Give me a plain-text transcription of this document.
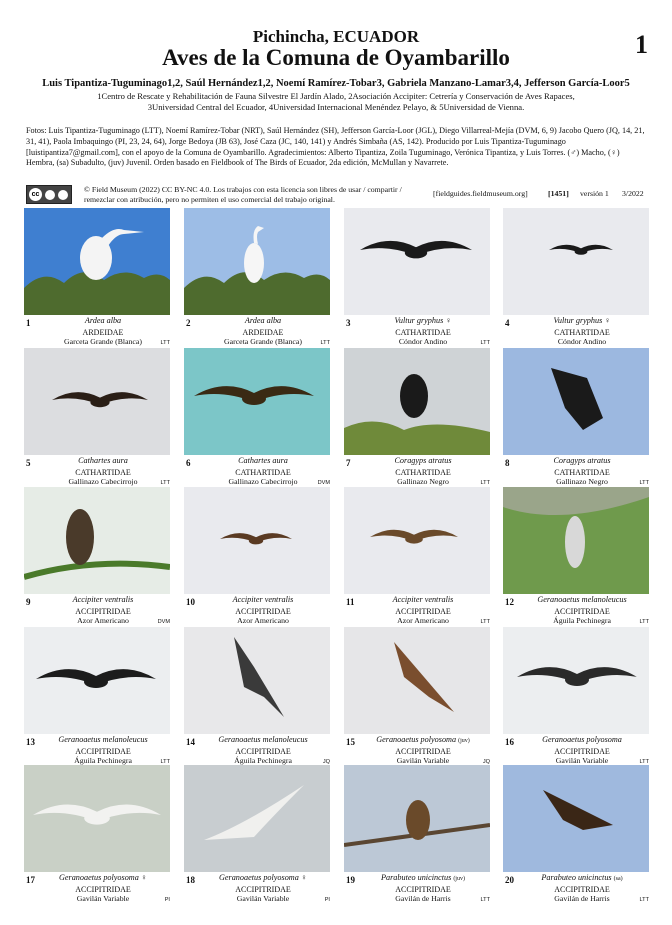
Pichincha, ECUADOR
Aves de la Comuna de Oyambarillo	1
Luis Tipantiza-Tuguminago1,2, Saúl Hernández1,2, Noemí Ramírez-Tobar3, Gabriela Manzano-Lamar3,4, Jefferson García-Loor5
1Centro de Rescate y Rehabilitación de Fauna Silvestre El Jardín Alado, 2Asociación Accipiter: Cetrería y Conservación de Aves Rapaces,
3Universidad Central del Ecuador, 4Universidad Internacional Menéndez Pelayo, & 5Universidad de Vienna.
Fotos: Luis Tipantiza-Tuguminago (LTT), Noemí Ramírez-Tobar (NRT), Saúl Hernández (SH), Jefferson García-Loor (JGL), Diego Villarreal-Mejía (DVM, 6, 9) Jacobo Quero (JQ, 14, 21, 31, 41), Paola Imbaquingo (PI, 23, 24, 64), Jorge Bedoya (JB 63), José Caza (JC, 140, 141) y Andrés Simbaña (AS, 142). Producido por Luis Tipantiza-Tuguminago [luistipantiza7@gmail.com], con el apoyo de la Comuna de Oyambarillo. Agradecimientos: Alberto Tipantiza, Zoila Tuguminago, Verónica Tipantiza, y Luis Torres. (♂) Macho, (♀) Hembra, (sa) Subadulto, (juv) Juvenil. Orden basado en Fieldbook of The Birds of Ecuador, 2da edición, McMullan y Navarrete.
cc
© Field Museum (2022) CC BY-NC 4.0. Los trabajos con esta licencia son libres de usar / compartir / remezclar con atribución, pero no permiten el uso comercial del trabajo original.
[fieldguides.fieldmuseum.org]	[1451] versión 1 3/2022
1	Ardea alba
ARDEIDAE
Garceta Grande (Blanca)	LTT
2	Ardea alba
ARDEIDAE
Garceta Grande (Blanca)	LTT
3	Vultur gryphus ♀
CATHARTIDAE
Cóndor Andino	LTT
4	Vultur gryphus ♀
CATHARTIDAE
Cóndor Andino
5	Cathartes aura
CATHARTIDAE
Gallinazo Cabecirrojo	LTT
6	Cathartes aura
CATHARTIDAE
Gallinazo Cabecirrojo	DVM
7	Coragyps atratus
CATHARTIDAE
Gallinazo Negro	LTT
8	Coragyps atratus
CATHARTIDAE
Gallinazo Negro	LTT
9	Accipiter ventralis
ACCIPITRIDAE
Azor Americano	DVM
10	Accipiter ventralis
ACCIPITRIDAE
Azor Americano
11	Accipiter ventralis
ACCIPITRIDAE
Azor Americano	LTT
12	Geranoaetus melanoleucus
ACCIPITRIDAE
Águila Pechinegra	LTT
13	Geranoaetus melanoleucus
ACCIPITRIDAE
Águila Pechinegra	LTT
14	Geranoaetus melanoleucus
ACCIPITRIDAE
Águila Pechinegra	JQ
15	Geranoaetus polyosoma (juv)
ACCIPITRIDAE
Gavilán Variable	JQ
16	Geranoaetus polyosoma
ACCIPITRIDAE
Gavilán Variable	LTT
17	Geranoaetus polyosoma ♀
ACCIPITRIDAE
Gavilán Variable	PI
18	Geranoaetus polyosoma ♀
ACCIPITRIDAE
Gavilán Variable	PI
19	Parabuteo unicinctus (juv)
ACCIPITRIDAE
Gavilán de Harris	LTT
20	Parabuteo unicinctus (sa)
ACCIPITRIDAE
Gavilán de Harris	LTT
